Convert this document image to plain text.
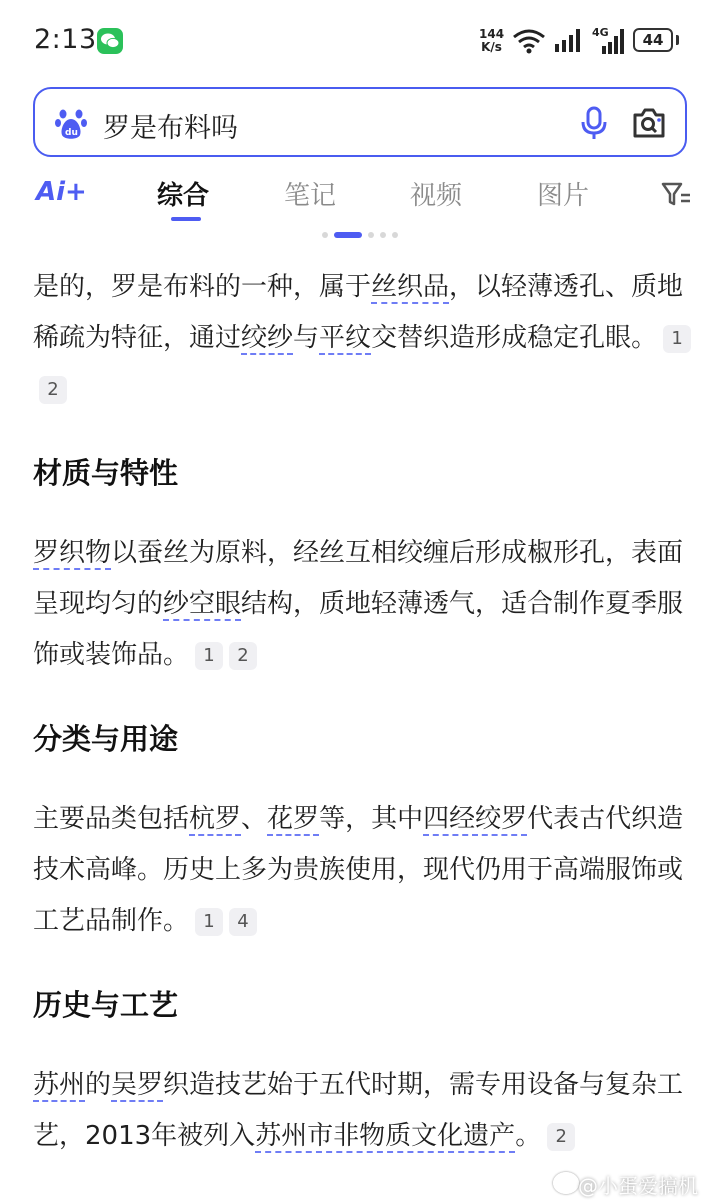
2:13	144
K/s
4G	44
du 罗是布料吗
Ai+	综合	笔记	视频	图片

是的，罗是布料的一种，属于丝织品，以轻薄透孔、质地稀疏为特征，通过绞纱与平纹交替织造形成稳定孔眼。 12

材质与特性

罗织物以蚕丝为原料，经丝互相绞缠后形成椒形孔，表面呈现均匀的纱空眼结构，质地轻薄透气，适合制作夏季服饰或装饰品。 1 2

分类与用途

主要品类包括杭罗、花罗等，其中四经绞罗代表古代织造技术高峰。历史上多为贵族使用，现代仍用于高端服饰或工艺品制作。 1 4

历史与工艺

苏州的吴罗织造技艺始于五代时期，需专用设备与复杂工艺，2013年被列入苏州市非物质文化遗产。 2

@小蛋爱搞机
